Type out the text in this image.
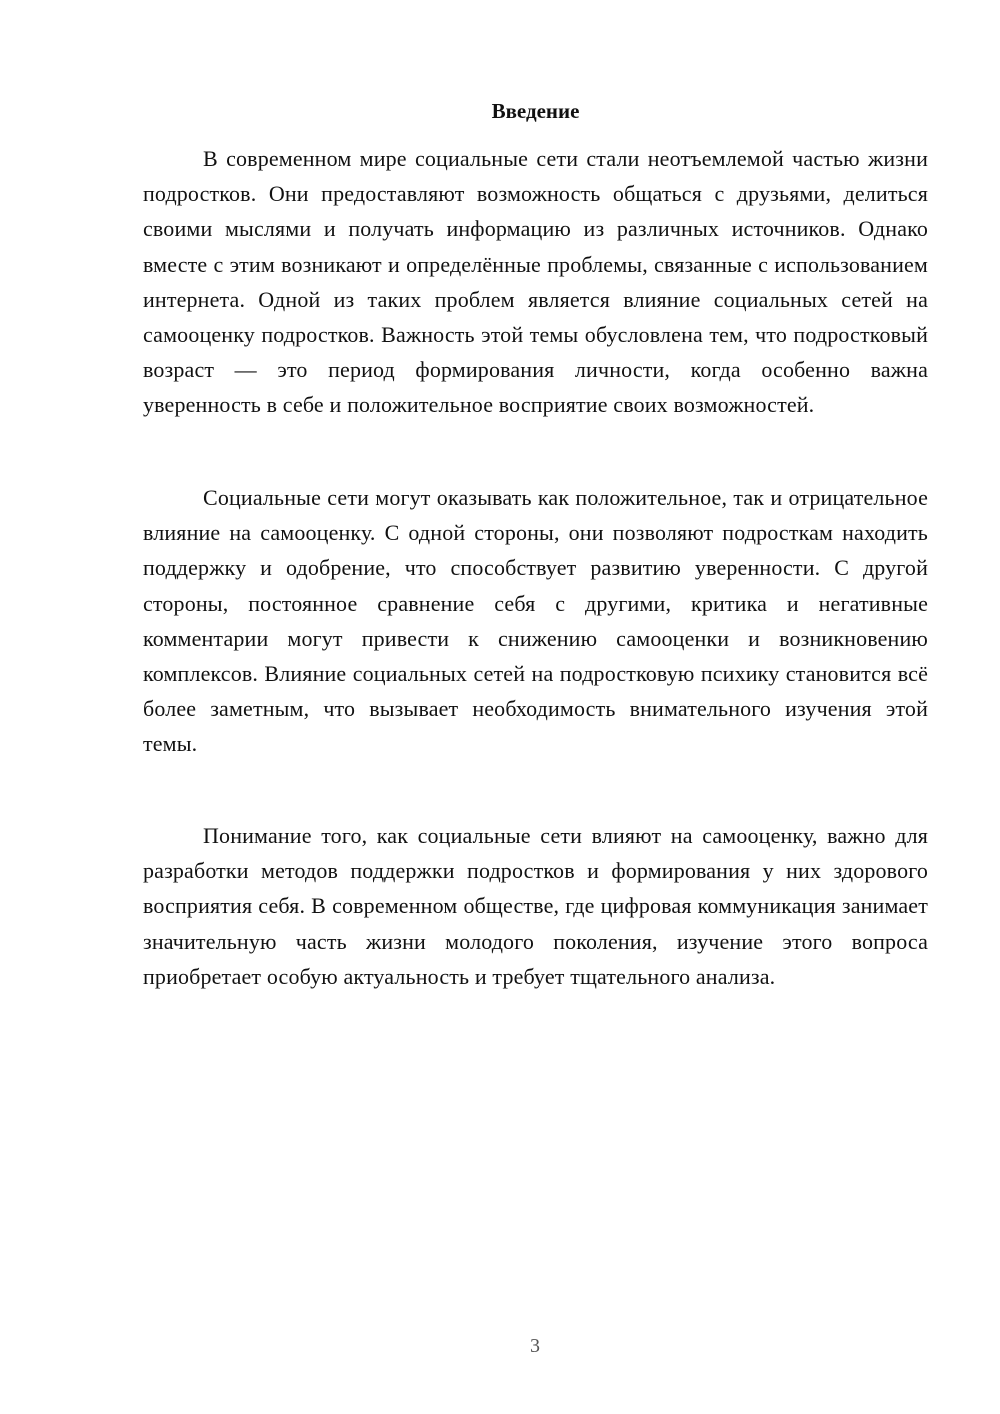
Введение

В современном мире социальные сети стали неотъемлемой частью жизни подростков. Они предоставляют возможность общаться с друзьями, делиться своими мыслями и получать информацию из различных источников. Однако вместе с этим возникают и определённые проблемы, связанные с использованием интернета. Одной из таких проблем является влияние социальных сетей на самооценку подростков. Важность этой темы обусловлена тем, что подростковый возраст — это период формирования личности, когда особенно важна уверенность в себе и положительное восприятие своих возможностей.

Социальные сети могут оказывать как положительное, так и отрицательное влияние на самооценку. С одной стороны, они позволяют подросткам находить поддержку и одобрение, что способствует развитию уверенности. С другой стороны, постоянное сравнение себя с другими, критика и негативные комментарии могут привести к снижению самооценки и возникновению комплексов. Влияние социальных сетей на подростковую психику становится всё более заметным, что вызывает необходимость внимательного изучения этой темы.

Понимание того, как социальные сети влияют на самооценку, важно для разработки методов поддержки подростков и формирования у них здорового восприятия себя. В современном обществе, где цифровая коммуникация занимает значительную часть жизни молодого поколения, изучение этого вопроса приобретает особую актуальность и требует тщательного анализа.

3
